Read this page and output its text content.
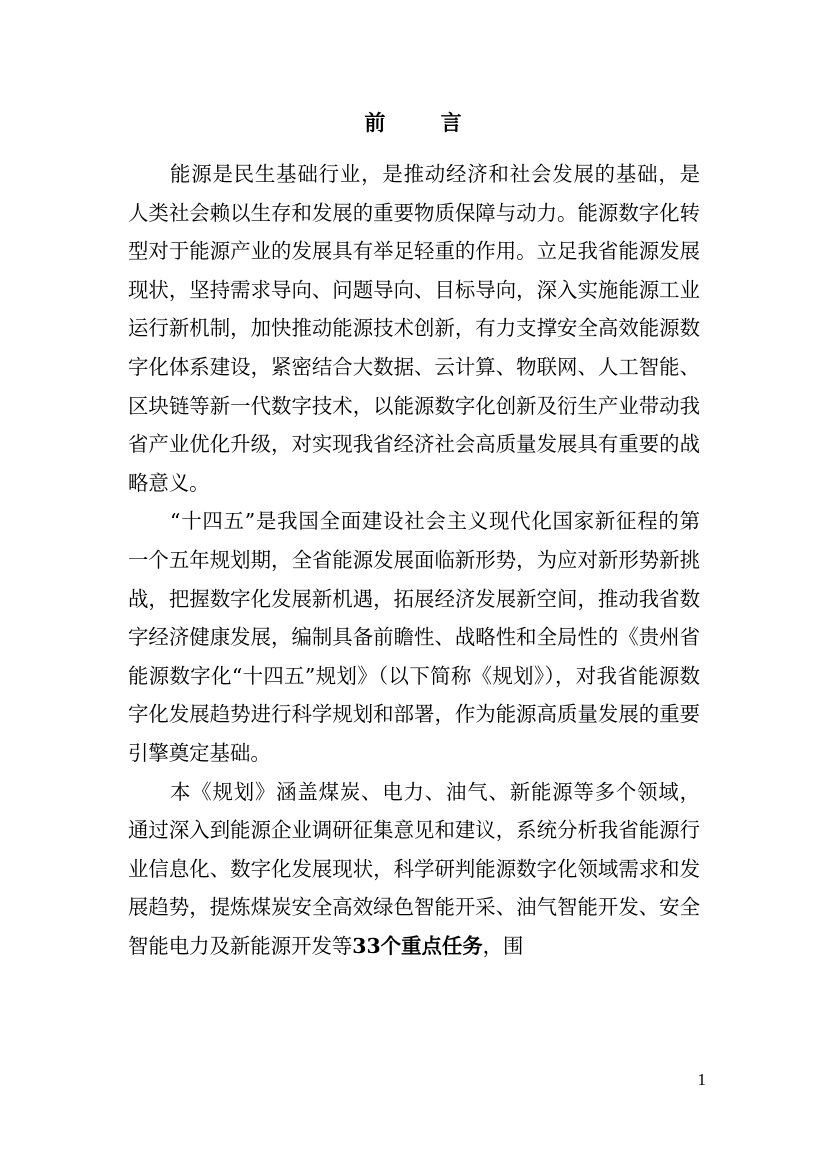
前 言

能源是民生基础行业，是推动经济和社会发展的基础，是人类社会赖以生存和发展的重要物质保障与动力。能源数字化转型对于能源产业的发展具有举足轻重的作用。立足我省能源发展现状，坚持需求导向、问题导向、目标导向，深入实施能源工业运行新机制，加快推动能源技术创新，有力支撑安全高效能源数字化体系建设，紧密结合大数据、云计算、物联网、人工智能、区块链等新一代数字技术，以能源数字化创新及衍生产业带动我省产业优化升级，对实现我省经济社会高质量发展具有重要的战略意义。

“十四五”是我国全面建设社会主义现代化国家新征程的第一个五年规划期，全省能源发展面临新形势，为应对新形势新挑战，把握数字化发展新机遇，拓展经济发展新空间，推动我省数字经济健康发展，编制具备前瞻性、战略性和全局性的《贵州省能源数字化“十四五”规划》（以下简称《规划》），对我省能源数字化发展趋势进行科学规划和部署，作为能源高质量发展的重要引擎奠定基础。

本《规划》涵盖煤炭、电力、油气、新能源等多个领域，通过深入到能源企业调研征集意见和建议，系统分析我省能源行业信息化、数字化发展现状，科学研判能源数字化领域需求和发展趋势，提炼煤炭安全高效绿色智能开采、油气智能开发、安全智能电力及新能源开发等33个重点任务，围

1
